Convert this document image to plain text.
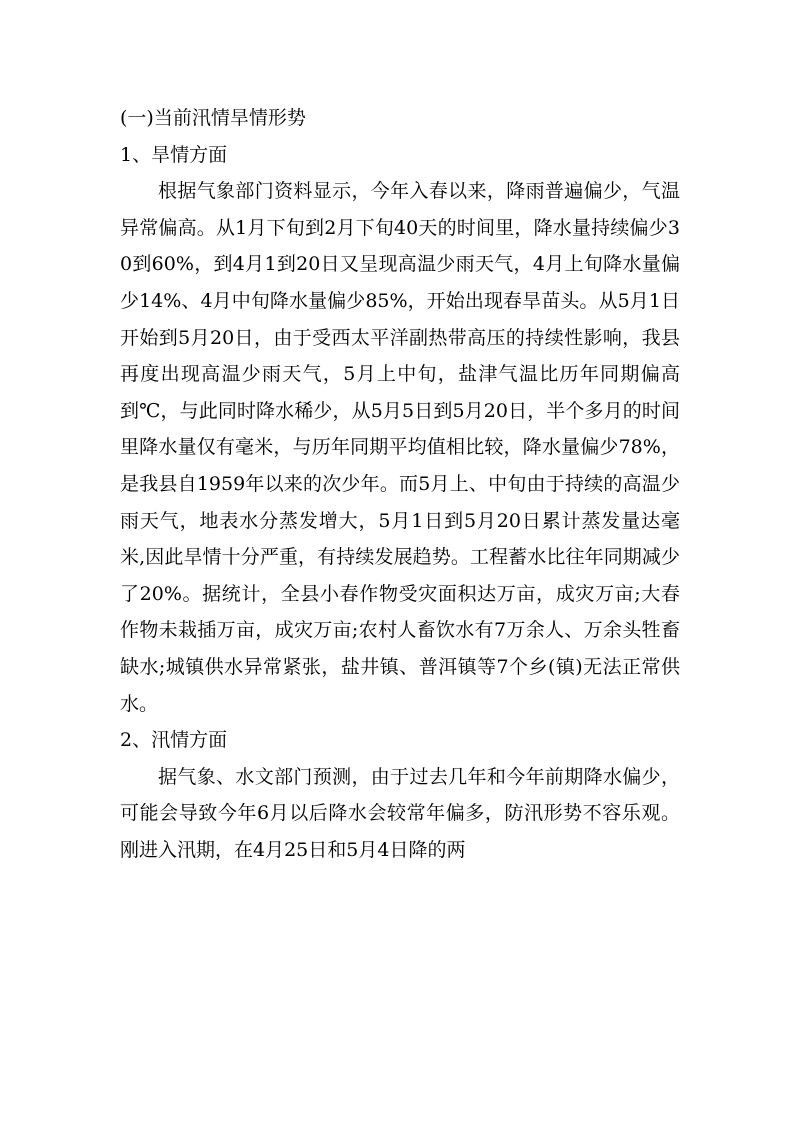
(一)当前汛情旱情形势

1、旱情方面

根据气象部门资料显示，今年入春以来，降雨普遍偏少，气温异常偏高。从1月下旬到2月下旬40天的时间里，降水量持续偏少30到60%，到4月1到20日又呈现高温少雨天气，4月上旬降水量偏少14%、4月中旬降水量偏少85%，开始出现春旱苗头。从5月1日开始到5月20日，由于受西太平洋副热带高压的持续性影响，我县再度出现高温少雨天气，5月上中旬，盐津气温比历年同期偏高到℃，与此同时降水稀少，从5月5日到5月20日，半个多月的时间里降水量仅有毫米，与历年同期平均值相比较，降水量偏少78%，是我县自1959年以来的次少年。而5月上、中旬由于持续的高温少雨天气，地表水分蒸发增大，5月1日到5月20日累计蒸发量达毫米,因此旱情十分严重，有持续发展趋势。工程蓄水比往年同期减少了20%。据统计，全县小春作物受灾面积达万亩，成灾万亩;大春作物未栽插万亩，成灾万亩;农村人畜饮水有7万余人、万余头牲畜缺水;城镇供水异常紧张，盐井镇、普洱镇等7个乡(镇)无法正常供水。

2、汛情方面

据气象、水文部门预测，由于过去几年和今年前期降水偏少，可能会导致今年6月以后降水会较常年偏多，防汛形势不容乐观。刚进入汛期，在4月25日和5月4日降的两
